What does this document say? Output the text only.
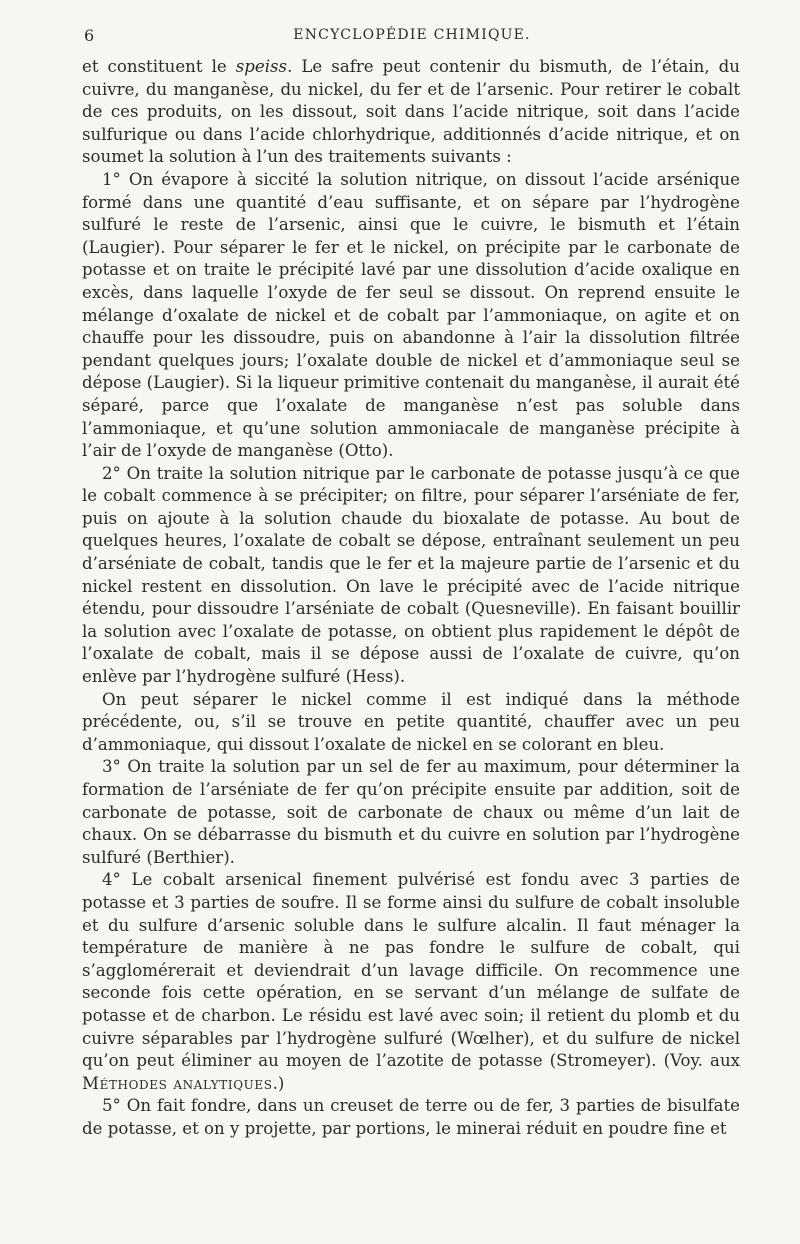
6	ENCYCLOPÉDIE CHIMIQUE.

et constituent le speiss. Le safre peut contenir du bismuth, de l’étain, du cuivre, du manganèse, du nickel, du fer et de l’arsenic. Pour retirer le cobalt de ces produits, on les dissout, soit dans l’acide nitrique, soit dans l’acide sulfurique ou dans l’acide chlorhydrique, additionnés d’acide nitrique, et on soumet la solution à l’un des traitements suivants :

1° On évapore à siccité la solution nitrique, on dissout l’acide arsénique formé dans une quantité d’eau suffisante, et on sépare par l’hydrogène sulfuré le reste de l’arsenic, ainsi que le cuivre, le bismuth et l’étain (Laugier). Pour séparer le fer et le nickel, on précipite par le carbonate de potasse et on traite le précipité lavé par une dissolution d’acide oxalique en excès, dans laquelle l’oxyde de fer seul se dissout. On reprend ensuite le mélange d’oxalate de nickel et de cobalt par l’ammoniaque, on agite et on chauffe pour les dissoudre, puis on abandonne à l’air la dissolution filtrée pendant quelques jours; l’oxalate double de nickel et d’ammoniaque seul se dépose (Laugier). Si la liqueur primitive contenait du manganèse, il aurait été séparé, parce que l’oxalate de manganèse n’est pas soluble dans l’ammoniaque, et qu’une solution ammoniacale de manganèse précipite à l’air de l’oxyde de manganèse (Otto).

2° On traite la solution nitrique par le carbonate de potasse jusqu’à ce que le cobalt commence à se précipiter; on filtre, pour séparer l’arséniate de fer, puis on ajoute à la solution chaude du bioxalate de potasse. Au bout de quelques heures, l’oxalate de cobalt se dépose, entraînant seulement un peu d’arséniate de cobalt, tandis que le fer et la majeure partie de l’arsenic et du nickel restent en dissolution. On lave le précipité avec de l’acide nitrique étendu, pour dissoudre l’arséniate de cobalt (Quesneville). En faisant bouillir la solution avec l’oxalate de potasse, on obtient plus rapidement le dépôt de l’oxalate de cobalt, mais il se dépose aussi de l’oxalate de cuivre, qu’on enlève par l’hydrogène sulfuré (Hess).

On peut séparer le nickel comme il est indiqué dans la méthode précédente, ou, s’il se trouve en petite quantité, chauffer avec un peu d’ammoniaque, qui dissout l’oxalate de nickel en se colorant en bleu.

3° On traite la solution par un sel de fer au maximum, pour déterminer la formation de l’arséniate de fer qu’on précipite ensuite par addition, soit de carbonate de potasse, soit de carbonate de chaux ou même d’un lait de chaux. On se débarrasse du bismuth et du cuivre en solution par l’hydrogène sulfuré (Berthier).

4° Le cobalt arsenical finement pulvérisé est fondu avec 3 parties de potasse et 3 parties de soufre. Il se forme ainsi du sulfure de cobalt insoluble et du sulfure d’arsenic soluble dans le sulfure alcalin. Il faut ménager la température de manière à ne pas fondre le sulfure de cobalt, qui s’agglomérerait et deviendrait d’un lavage difficile. On recommence une seconde fois cette opération, en se servant d’un mélange de sulfate de potasse et de charbon. Le résidu est lavé avec soin; il retient du plomb et du cuivre séparables par l’hydrogène sulfuré (Wœlher), et du sulfure de nickel qu’on peut éliminer au moyen de l’azotite de potasse (Stromeyer). (Voy. aux Méthodes analytiques.)

5° On fait fondre, dans un creuset de terre ou de fer, 3 parties de bisulfate de potasse, et on y projette, par portions, le minerai réduit en poudre fine et
